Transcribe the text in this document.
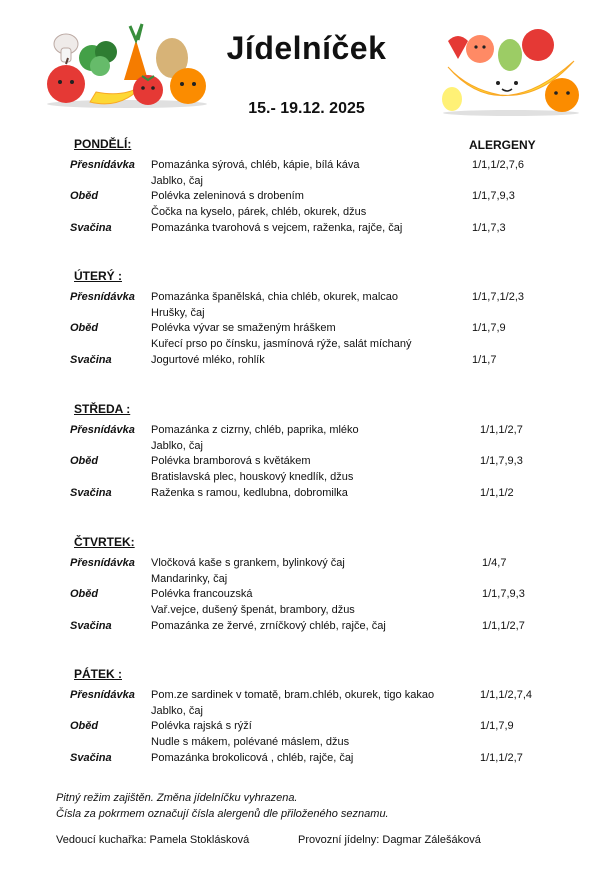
Jídelníček
15.- 19.12. 2025
ALERGENY
PONDĚLÍ:
Přesnídávka Pomazánka sýrová, chléb, kápie, bílá káva	1/1,1/2,7,6
Jablko, čaj
Oběd	Polévka zeleninová s drobením	1/1,7,9,3
Čočka na kyselo, párek, chléb, okurek, džus
Svačina	Pomazánka tvarohová s vejcem, raženka, rajče, čaj	1/1,7,3
ÚTERÝ :
Přesnídávka Pomazánka španělská, chia chléb, okurek, malcao	1/1,7,1/2,3
Hrušky, čaj
Oběd	Polévka vývar se smaženým hráškem	1/1,7,9
Kuřecí prso po čínsku, jasmínová rýže, salát míchaný
Svačina	Jogurtové mléko, rohlík	1/1,7
STŘEDA :
Přesnídávka Pomazánka z cizrny, chléb, paprika, mléko	1/1,1/2,7
Jablko, čaj
Oběd	Polévka bramborová s květákem	1/1,7,9,3
Bratislavská plec, houskový knedlík, džus
Svačina	Raženka s ramou, kedlubna, dobromilka	1/1,1/2
ČTVRTEK:
Přesnídávka Vločková kaše s grankem, bylinkový čaj	1/4,7
Mandarinky, čaj
Oběd	Polévka francouzská	1/1,7,9,3
Vař.vejce, dušený špenát, brambory, džus
Svačina	Pomazánka ze žervé, zrníčkový chléb, rajče, čaj	1/1,1/2,7
PÁTEK :
Přesnídávka Pom.ze sardinek v tomatě, bram.chléb, okurek, tigo kakao	1/1,1/2,7,4
Jablko, čaj
Oběd	Polévka rajská s rýží	1/1,7,9
Nudle s mákem, polévané máslem, džus
Svačina	Pomazánka brokolicová , chléb, rajče, čaj	1/1,1/2,7
Pitný režim zajištěn. Změna jídelníčku vyhrazena.
Čísla za pokrmem označují čísla alergenů dle přiloženého seznamu.
Vedoucí kuchařka: Pamela Stoklásková	Provozní jídelny: Dagmar Zálešáková
